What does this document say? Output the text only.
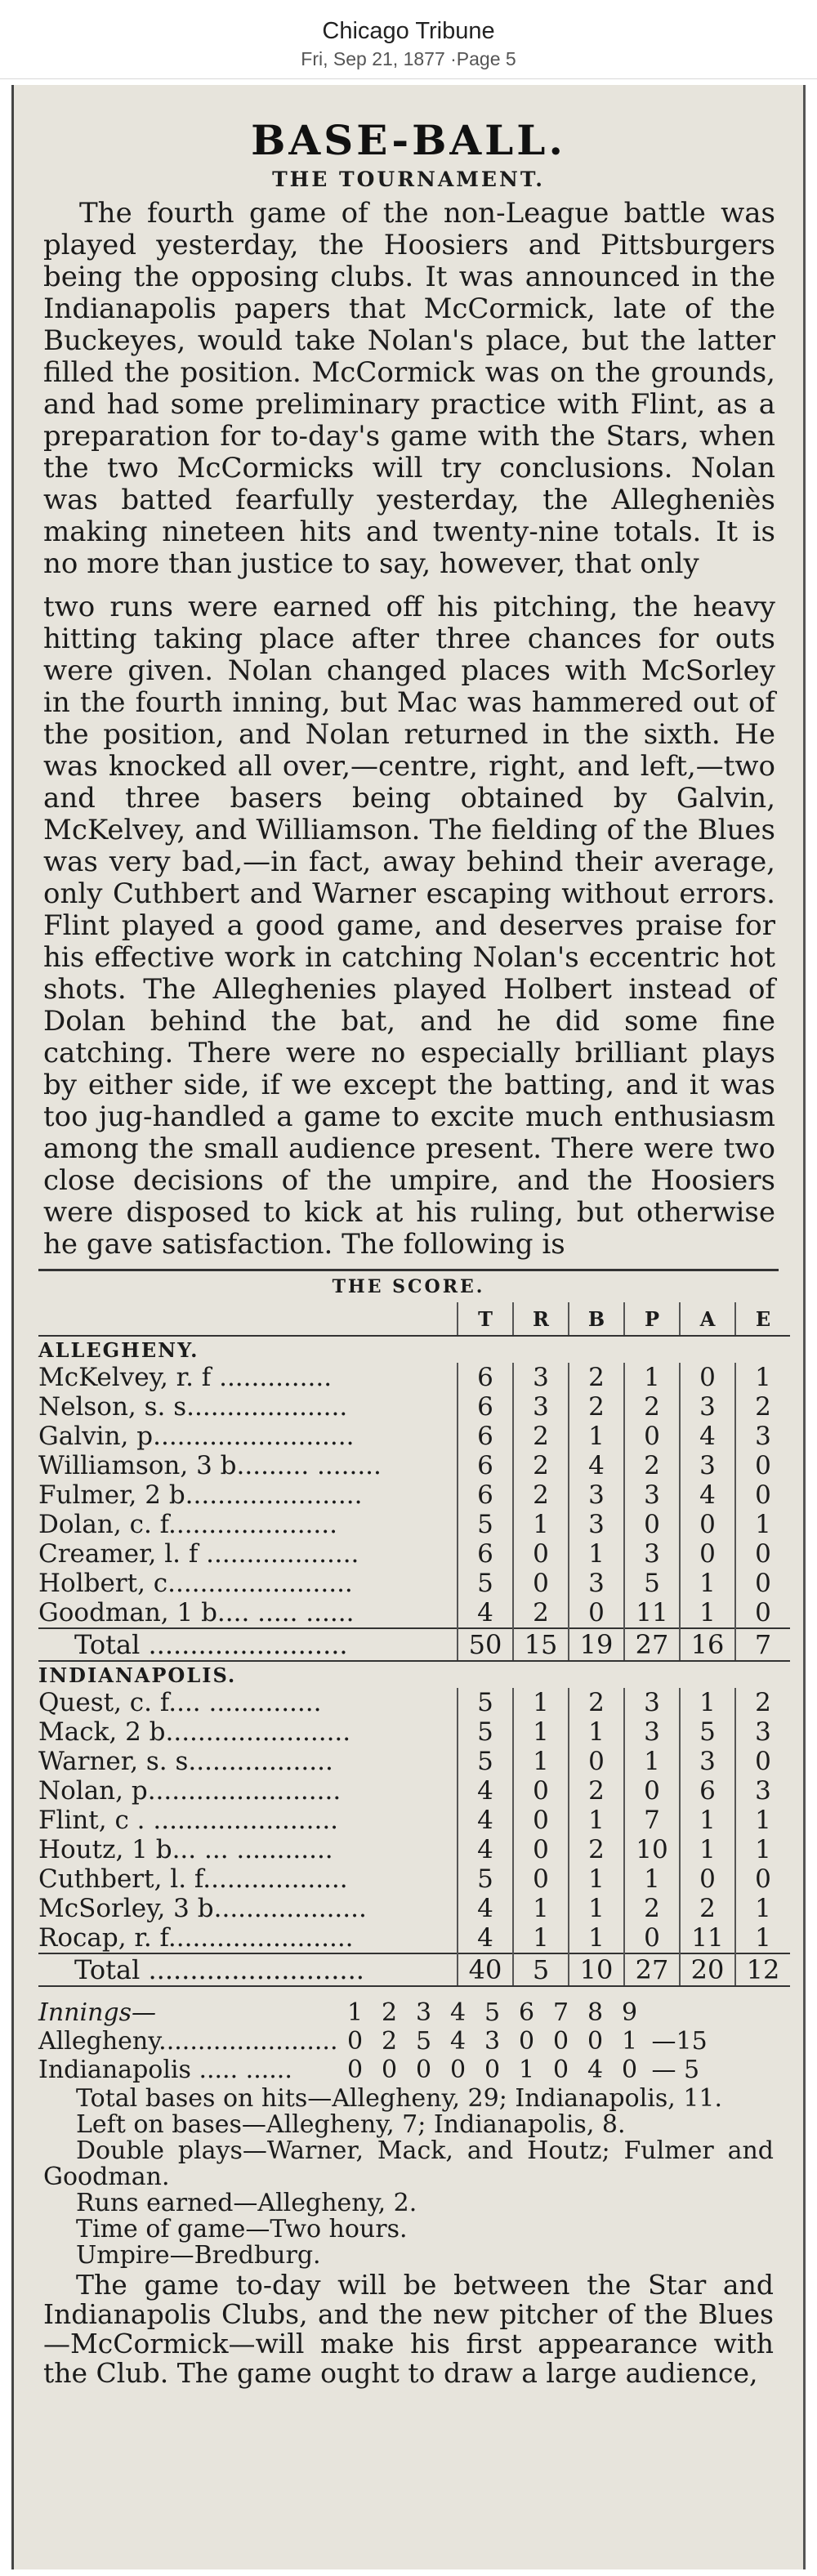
Chicago Tribune
Fri, Sep 21, 1877 ·Page 5
BASE-BALL.
THE TOURNAMENT.

The fourth game of the non-League battle was played yesterday, the Hoosiers and Pittsburgers being the opposing clubs. It was announced in the Indianapolis papers that McCormick, late of the Buckeyes, would take Nolan's place, but the latter filled the position. McCormick was on the grounds, and had some preliminary practice with Flint, as a preparation for to-day's game with the Stars, when the two McCormicks will try conclusions. Nolan was batted fearfully yesterday, the Allegheniès making nineteen hits and twenty-nine totals. It is no more than justice to say, however, that only

two runs were earned off his pitching, the heavy hitting taking place after three chances for outs were given. Nolan changed places with McSorley in the fourth inning, but Mac was hammered out of the position, and Nolan returned in the sixth. He was knocked all over,—centre, right, and left,—two and three basers being obtained by Galvin, McKelvey, and Williamson. The fielding of the Blues was very bad,—in fact, away behind their average, only Cuthbert and Warner escaping without errors. Flint played a good game, and deserves praise for his effective work in catching Nolan's eccentric hot shots. The Alleghenies played Holbert instead of Dolan behind the bat, and he did some fine catching. There were no especially brilliant plays by either side, if we except the batting, and it was too jug-handled a game to excite much enthusiasm among the small audience present. There were two close decisions of the umpire, and the Hoosiers were disposed to kick at his ruling, but otherwise he gave satisfaction. The following is

THE SCORE.
	T	R	B	P	A	E
ALLEGHENY.						
McKelvey, r. f ..............	6	3	2	1	0	1
Nelson, s. s....................	6	3	2	2	3	2
Galvin, p.........................	6	2	1	0	4	3
Williamson, 3 b......... ........	6	2	4	2	3	0
Fulmer, 2 b......................	6	2	3	3	4	0
Dolan, c. f.....................	5	1	3	0	0	1
Creamer, l. f ...................	6	0	1	3	0	0
Holbert, c.......................	5	0	3	5	1	0
Goodman, 1 b.... ..... ......	4	2	0	11	1	0
Total ........................	50	15	19	27	16	7
INDIANAPOLIS.						
Quest, c. f.... ..............	5	1	2	3	1	2
Mack, 2 b.......................	5	1	1	3	5	3
Warner, s. s..................	5	1	0	1	3	0
Nolan, p........................	4	0	2	0	6	3
Flint, c . .......................	4	0	1	7	1	1
Houtz, 1 b... ... ............	4	0	2	10	1	1
Cuthbert, l. f..................	5	0	1	1	0	0
McSorley, 3 b...................	4	1	1	2	2	1
Rocap, r. f.......................	4	1	1	0	11	1
Total ..........................	40	5	10	27	20	12
Innings—	1	2	3	4	5	6	7	8	9	
Allegheny.......................	0	2	5	4	3	0	0	0	1	—15
Indianapolis ..... ......	0	0	0	0	0	1	0	4	0	— 5
Total bases on hits—Allegheny, 29; Indianapolis, 11.
Left on bases—Allegheny, 7; Indianapolis, 8.
Double plays—Warner, Mack, and Houtz; Fulmer and Goodman.
Runs earned—Allegheny, 2.
Time of game—Two hours.
Umpire—Bredburg.
The game to-day will be between the Star and Indianapolis Clubs, and the new pitcher of the Blues—McCormick—will make his first appearance with the Club. The game ought to draw a large audience,
